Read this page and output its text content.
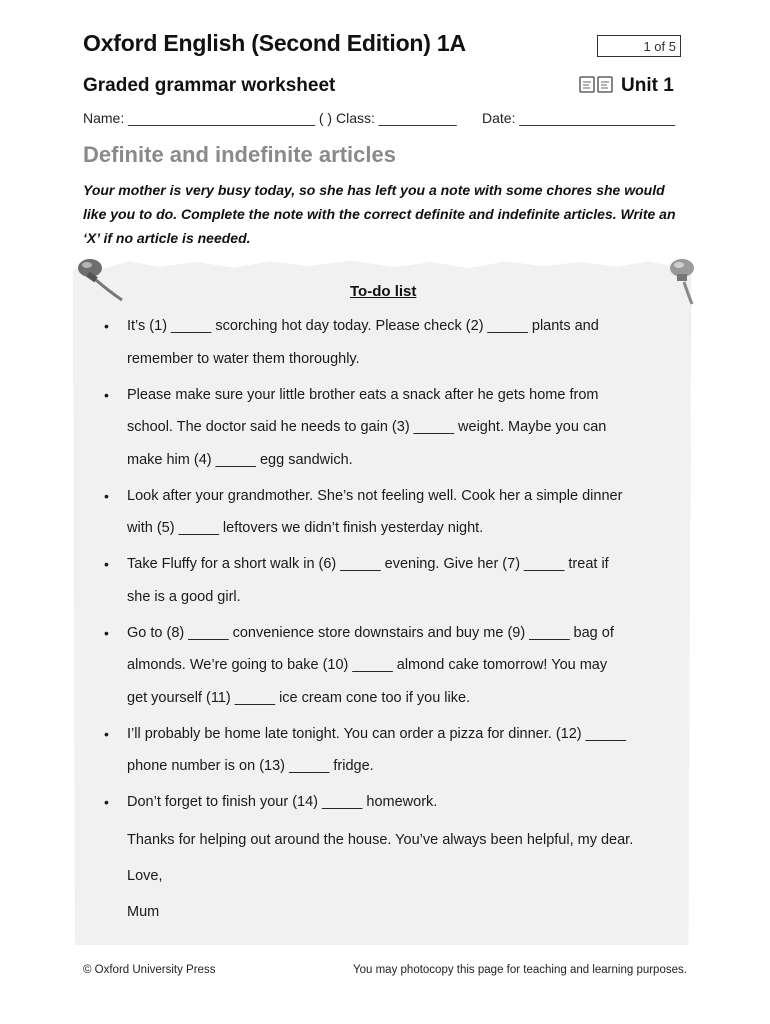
Oxford English (Second Edition) 1A	1 of 5
Graded grammar worksheet	Unit 1
Name: ________________________ ( ) Class: __________ Date: ____________________
Definite and indefinite articles
Your mother is very busy today, so she has left you a note with some chores she would like you to do. Complete the note with the correct definite and indefinite articles. Write an ‘X’ if no article is needed.
To-do list
• It’s (1) _____ scorching hot day today. Please check (2) _____ plants and
remember to water them thoroughly.
• Please make sure your little brother eats a snack after he gets home from
school. The doctor said he needs to gain (3) _____ weight. Maybe you can
make him (4) _____ egg sandwich.
• Look after your grandmother. She’s not feeling well. Cook her a simple dinner
with (5) _____ leftovers we didn’t finish yesterday night.
• Take Fluffy for a short walk in (6) _____ evening. Give her (7) _____ treat if
she is a good girl.
• Go to (8) _____ convenience store downstairs and buy me (9) _____ bag of
almonds. We’re going to bake (10) _____ almond cake tomorrow! You may
get yourself (11) _____ ice cream cone too if you like.
• I’ll probably be home late tonight. You can order a pizza for dinner. (12) _____
phone number is on (13) _____ fridge.
• Don’t forget to finish your (14) _____ homework.
Thanks for helping out around the house. You’ve always been helpful, my dear.
Love,
Mum
© Oxford University Press	You may photocopy this page for teaching and learning purposes.
